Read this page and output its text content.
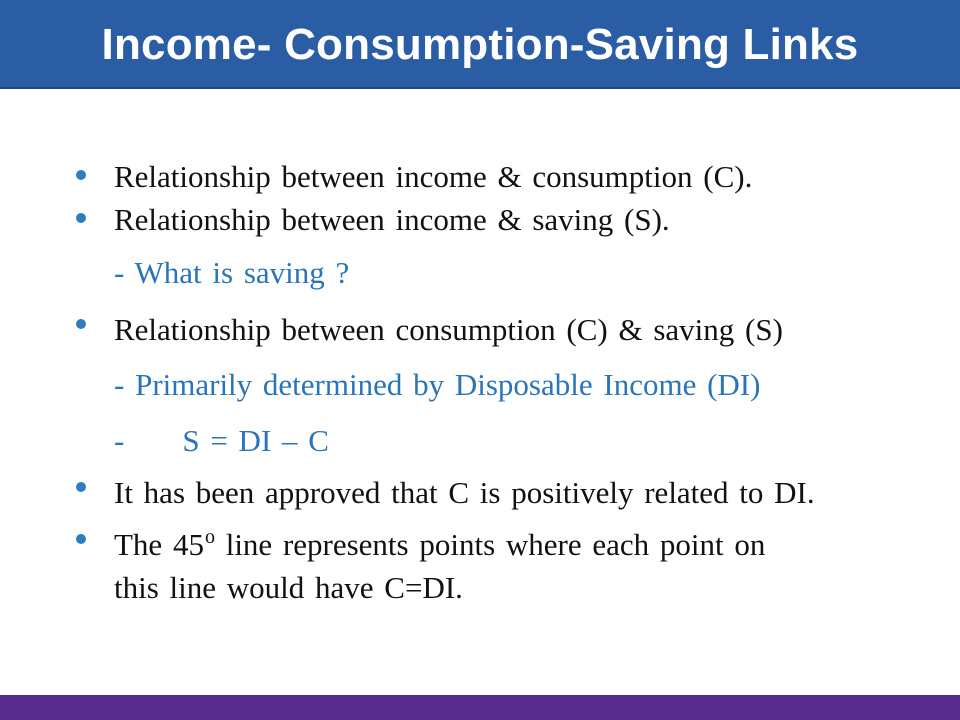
Income- Consumption-Saving Links
Relationship between income & consumption (C).
Relationship between income & saving (S).
- What is saving ?
Relationship between consumption (C) & saving (S)
- Primarily determined by Disposable Income (DI)
- S = DI – C
It has been approved that C is positively related to DI.
The 45$^o$ line represents points where each point on
this line would have C=DI.
